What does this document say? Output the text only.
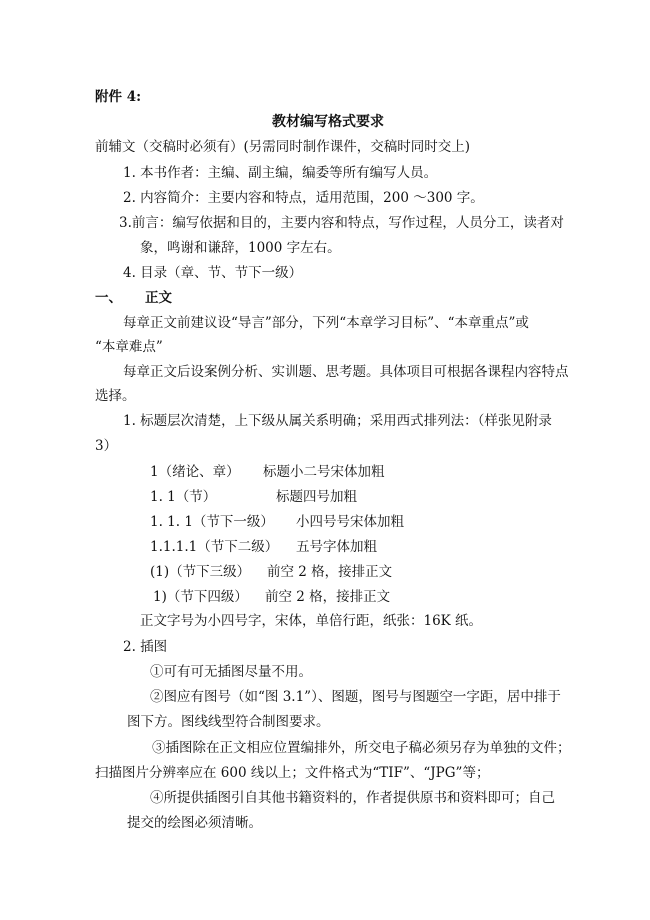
附件 4:
教材编写格式要求
前辅文（交稿时必须有）(另需同时制作课件，交稿时同时交上)
1. 本书作者：主编、副主编，编委等所有编写人员。
2. 内容简介：主要内容和特点，适用范围，200 ～300 字。
3.前言：编写依据和目的，主要内容和特点，写作过程，人员分工，读者对
象，鸣谢和谦辞，1000 字左右。
4. 目录（章、节、节下一级）
一、 正文
每章正文前建议设“导言”部分，下列“本章学习目标”、“本章重点”或
“本章难点”
每章正文后设案例分析、实训题、思考题。具体项目可根据各课程内容特点
选择。
1. 标题层次清楚，上下级从属关系明确；采用西式排列法：（样张见附录
3）
1（绪论、章） 标题小二号宋体加粗
1. 1（节）	标题四号加粗
1. 1. 1（节下一级） 小四号号宋体加粗
1.1.1.1（节下二级） 五号字体加粗
(1)（节下三级） 前空 2 格，接排正文
1)（节下四级） 前空 2 格，接排正文
正文字号为小四号字，宋体，单倍行距，纸张：16K 纸。
2. 插图
①可有可无插图尽量不用。
②图应有图号（如“图 3.1”）、图题，图号与图题空一字距，居中排于
图下方。图线线型符合制图要求。
③插图除在正文相应位置编排外，所交电子稿必须另存为单独的文件；
扫描图片分辨率应在 600 线以上；文件格式为“TIF”、“JPG”等；
④所提供插图引自其他书籍资料的，作者提供原书和资料即可；自己
提交的绘图必须清晰。
